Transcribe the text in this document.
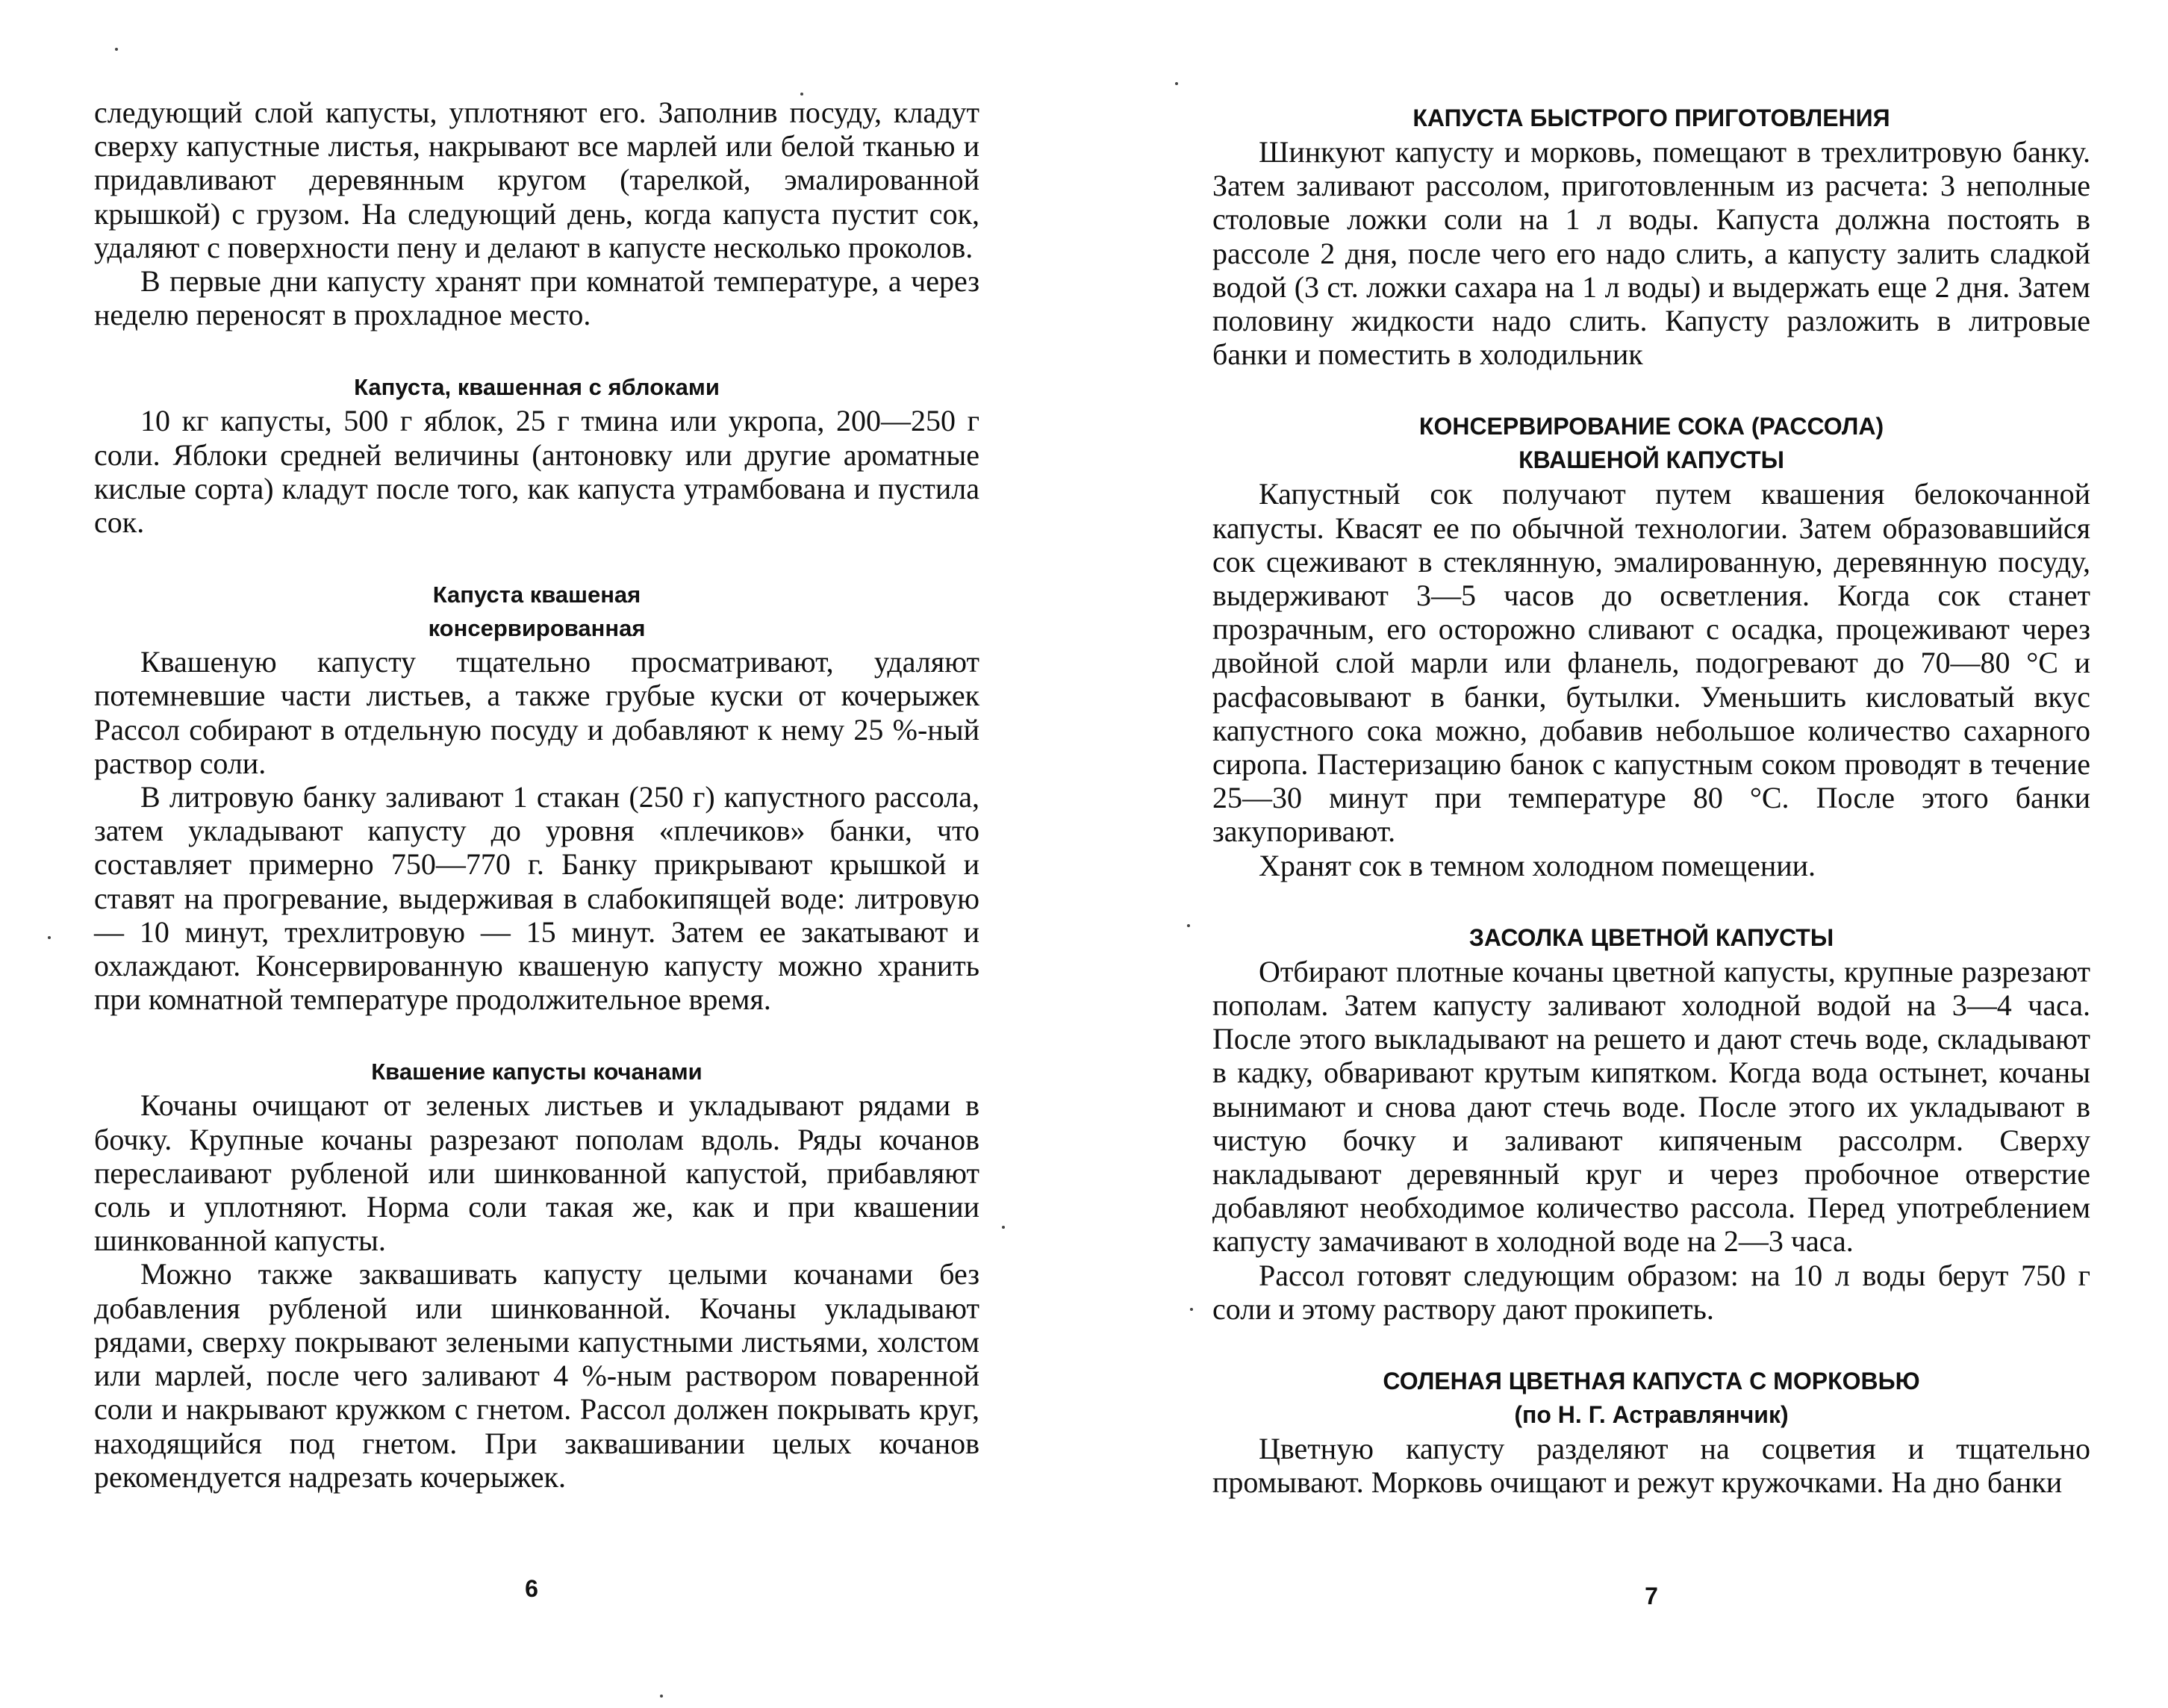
следующий слой капусты, уплотняют его. Заполнив посуду, кладут сверху капустные листья, накрывают все марлей или белой тканью и придавливают деревянным кругом (тарелкой, эмалированной крышкой) с грузом. На следующий день, когда капуста пустит сок, удаляют с поверхности пену и делают в капусте несколько проколов.

В первые дни капусту хранят при комнатой температуре, а через неделю переносят в прохладное место.

Капуста, квашенная с яблоками

10 кг капусты, 500 г яблок, 25 г тмина или укропа, 200—250 г соли. Яблоки средней величины (антоновку или другие ароматные кислые сорта) кладут после того, как капуста утрамбована и пустила сок.

Капуста квашеная
консервированная

Квашеную капусту тщательно просматривают, удаляют потемневшие части листьев, а также грубые куски от кочерыжек Рассол собирают в отдельную посуду и добавляют к нему 25 %-ный раствор соли.

В литровую банку заливают 1 стакан (250 г) капустного рассола, затем укладывают капусту до уровня «плечиков» банки, что составляет примерно 750—770 г. Банку прикрывают крышкой и ставят на прогревание, выдерживая в слабокипящей воде: литровую — 10 минут, трехлитровую — 15 минут. Затем ее закатывают и охлаждают. Консервированную квашеную капусту можно хранить при комнатной температуре продолжительное время.

Квашение капусты кочанами

Кочаны очищают от зеленых листьев и укладывают рядами в бочку. Крупные кочаны разрезают пополам вдоль. Ряды кочанов переслаивают рубленой или шинкованной капустой, прибавляют соль и уплотняют. Норма соли такая же, как и при квашении шинкованной капусты.

Можно также заквашивать капусту целыми кочанами без добавления рубленой или шинкованной. Кочаны укладывают рядами, сверху покрывают зелеными капустными листьями, холстом или марлей, после чего заливают 4 %-ным раствором поваренной соли и накрывают кружком с гнетом. Рассол должен покрывать круг, находящийся под гнетом. При заквашивании целых кочанов рекомендуется надрезать кочерыжек.

6
КАПУСТА БЫСТРОГО ПРИГОТОВЛЕНИЯ

Шинкуют капусту и морковь, помещают в трехлитровую банку. Затем заливают рассолом, приготовленным из расчета: 3 неполные столовые ложки соли на 1 л воды. Капуста должна постоять в рассоле 2 дня, после чего его надо слить, а капусту залить сладкой водой (3 ст. ложки сахара на 1 л воды) и выдержать еще 2 дня. Затем половину жидкости надо слить. Капусту разложить в литровые банки и поместить в холодильник

КОНСЕРВИРОВАНИЕ СОКА (РАССОЛА)
КВАШЕНОЙ КАПУСТЫ

Капустный сок получают путем квашения белокочанной капусты. Квасят ее по обычной технологии. Затем образовавшийся сок сцеживают в стеклянную, эмалированную, деревянную посуду, выдерживают 3—5 часов до осветления. Когда сок станет прозрачным, его осторожно сливают с осадка, процеживают через двойной слой марли или фланель, подогревают до 70—80 °С и расфасовывают в банки, бутылки. Уменьшить кисловатый вкус капустного сока можно, добавив небольшое количество сахарного сиропа. Пастеризацию банок с капустным соком проводят в течение 25—30 минут при температуре 80 °С. После этого банки закупоривают.

Хранят сок в темном холодном помещении.

ЗАСОЛКА ЦВЕТНОЙ КАПУСТЫ

Отбирают плотные кочаны цветной капусты, крупные разрезают пополам. Затем капусту заливают холодной водой на 3—4 часа. После этого выкладывают на решето и дают стечь воде, складывают в кадку, обваривают крутым кипятком. Когда вода остынет, кочаны вынимают и снова дают стечь воде. После этого их укладывают в чистую бочку и заливают кипяченым рассолрм. Сверху накладывают деревянный круг и через пробочное отверстие добавляют необходимое количество рассола. Перед употреблением капусту замачивают в холодной воде на 2—3 часа.

Рассол готовят следующим образом: на 10 л воды берут 750 г соли и этому раствору дают прокипеть.

СОЛЕНАЯ ЦВЕТНАЯ КАПУСТА С МОРКОВЬЮ
(по Н. Г. Астравлянчик)

Цветную капусту разделяют на соцветия и тщательно промывают. Морковь очищают и режут кружочками. На дно банки

7
